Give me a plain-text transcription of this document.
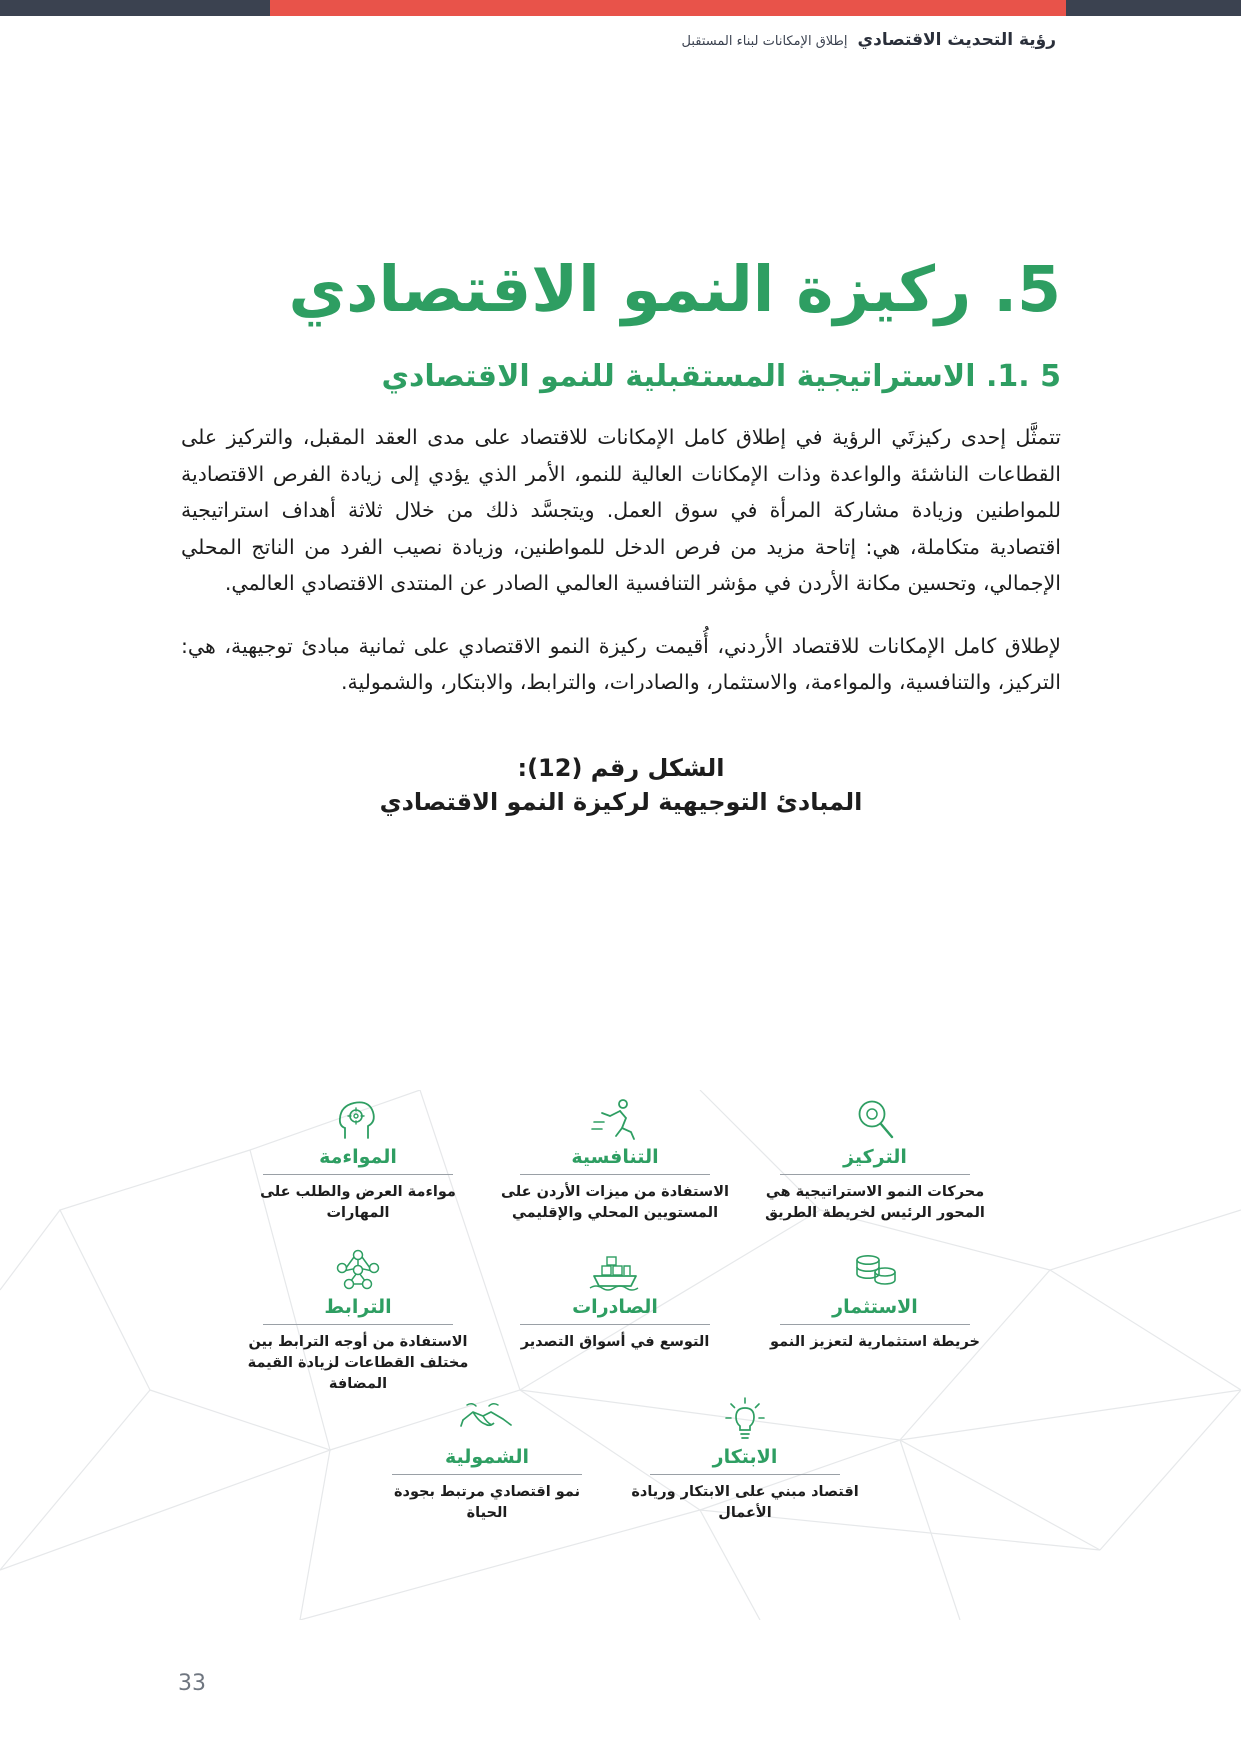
رؤية التحديث الاقتصادي
إطلاق الإمكانات لبناء المستقبل
5. ركيزة النمو الاقتصادي
5 .1. الاستراتيجية المستقبلية للنمو الاقتصادي

تتمثَّل إحدى ركيزتَي الرؤية في إطلاق كامل الإمكانات للاقتصاد على مدى العقد المقبل، والتركيز على القطاعات الناشئة والواعدة وذات الإمكانات العالية للنمو، الأمر الذي يؤدي إلى زيادة الفرص الاقتصادية للمواطنين وزيادة مشاركة المرأة في سوق العمل. ويتجسَّد ذلك من خلال ثلاثة أهداف استراتيجية اقتصادية متكاملة، هي: إتاحة مزيد من فرص الدخل للمواطنين، وزيادة نصيب الفرد من الناتج المحلي الإجمالي، وتحسين مكانة الأردن في مؤشر التنافسية العالمي الصادر عن المنتدى الاقتصادي العالمي.

لإطلاق كامل الإمكانات للاقتصاد الأردني، أُقيمت ركيزة النمو الاقتصادي على ثمانية مبادئ توجيهية، هي: التركيز، والتنافسية، والمواءمة، والاستثمار، والصادرات، والترابط، والابتكار، والشمولية.

الشكل رقم (12):
المبادئ التوجيهية لركيزة النمو الاقتصادي
التركيز
محركات النمو الاستراتيجية هي المحور الرئيس لخريطة الطريق
التنافسية
الاستفادة من ميزات الأردن على المستويين المحلي والإقليمي
المواءمة
مواءمة العرض والطلب على المهارات
الاستثمار
خريطة استثمارية لتعزيز النمو
الصادرات
التوسع في أسواق التصدير
الترابط
الاستفادة من أوجه الترابط بين مختلف القطاعات لزيادة القيمة المضافة
الابتكار
اقتصاد مبني على الابتكار وريادة الأعمال
الشمولية
نمو اقتصادي مرتبط بجودة الحياة
33
